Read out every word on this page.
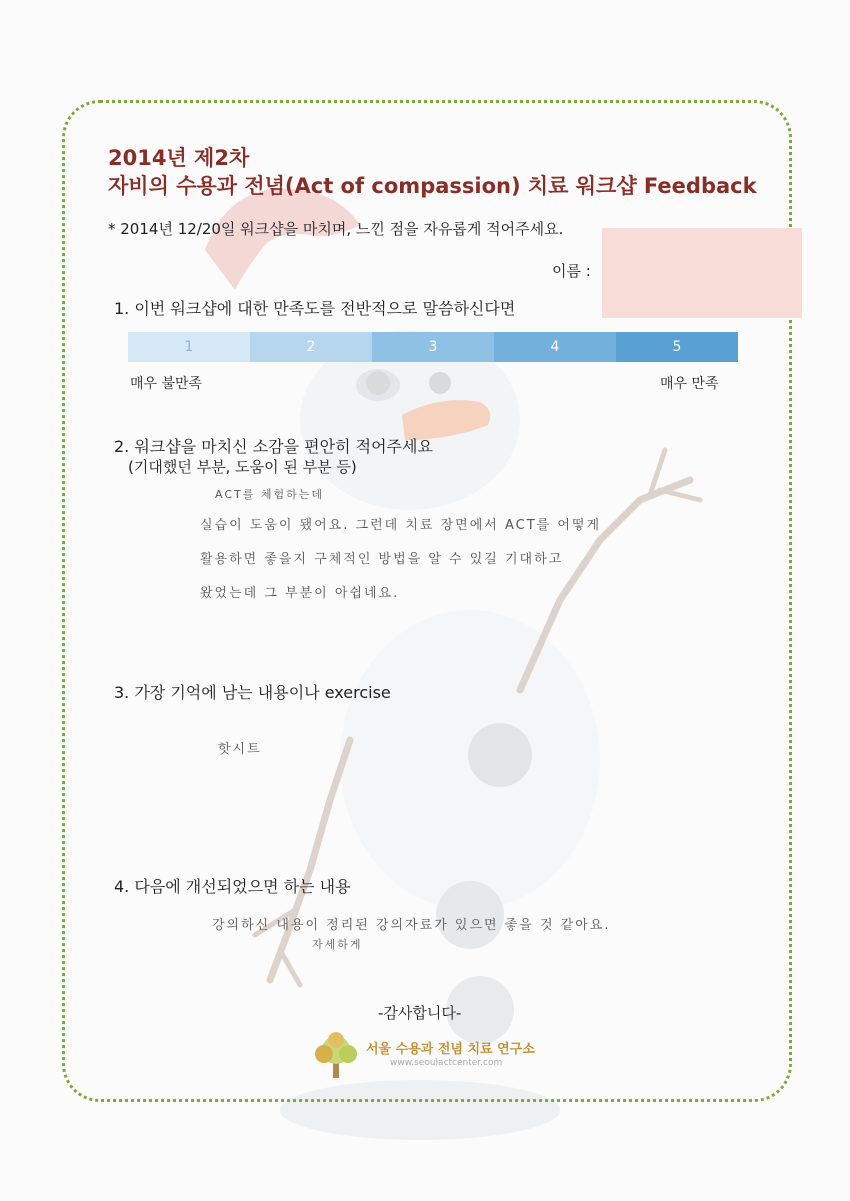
2014년 제2차
자비의 수용과 전념(Act of compassion) 치료 워크샵 Feedback
* 2014년 12/20일 워크샵을 마치며, 느낀 점을 자유롭게 적어주세요.
이름 :
1. 이번 워크샵에 대한 만족도를 전반적으로 말씀하신다면
1	2	3	4	5
매우 불만족	매우 만족
2. 워크샵을 마치신 소감을 편안히 적어주세요
(기대했던 부분, 도움이 된 부분 등)
ACT를 체험하는데
실습이 도움이 됐어요. 그런데 치료 장면에서 ACT를 어떻게
활용하면 좋을지 구체적인 방법을 알 수 있길 기대하고
왔었는데 그 부분이 아쉽네요.
3. 가장 기억에 남는 내용이나 exercise
핫시트
4. 다음에 개선되었으면 하는 내용
강의하신 내용이 정리된 강의자료가 있으면 좋을 것 같아요.
자세하게
-감사합니다-
서울 수용과 전념 치료 연구소
www.seoulactcenter.com
